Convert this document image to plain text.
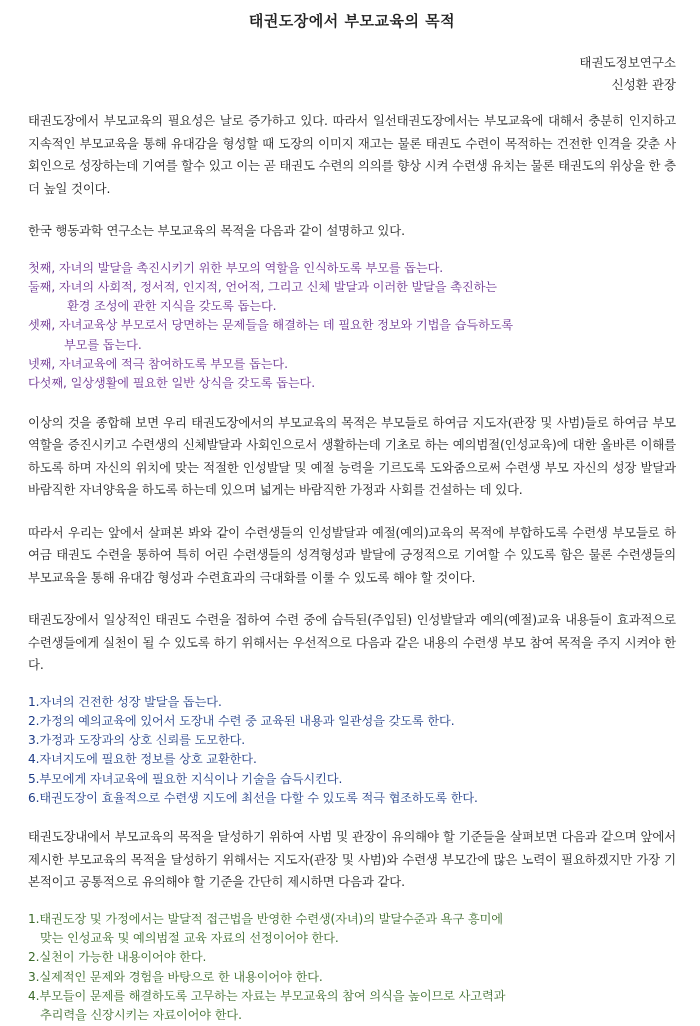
태권도장에서 부모교육의 목적
태권도정보연구소
신성환 관장

태권도장에서 부모교육의 필요성은 날로 증가하고 있다. 따라서 일선태권도장에서는 부모교육에 대해서 충분히 인지하고 지속적인 부모교육을 통해 유대감을 형성할 때 도장의 이미지 재고는 물론 태권도 수련이 목적하는 건전한 인격을 갖춘 사회인으로 성장하는데 기여를 할수 있고 이는 곧 태권도 수련의 의의를 향상 시켜 수련생 유치는 물론 태권도의 위상을 한 층 더 높일 것이다.

한국 행동과학 연구소는 부모교육의 목적을 다음과 같이 설명하고 있다.

첫째, 자녀의 발달을 촉진시키기 위한 부모의 역할을 인식하도록 부모를 돕는다.
둘째, 자녀의 사회적, 정서적, 인지적, 언어적, 그리고 신체 발달과 이러한 발달을 촉진하는
환경 조성에 관한 지식을 갖도록 돕는다.
셋째, 자녀교육상 부모로서 당면하는 문제들을 해결하는 데 필요한 정보와 기법을 습득하도록
부모를 돕는다.
넷째, 자녀교육에 적극 참여하도록 부모를 돕는다.
다섯째, 일상생활에 필요한 일반 상식을 갖도록 돕는다.

이상의 것을 종합해 보면 우리 태권도장에서의 부모교육의 목적은 부모들로 하여금 지도자(관장 및 사범)들로 하여금 부모 역할을 증진시키고 수련생의 신체발달과 사회인으로서 생활하는데 기초로 하는 예의범절(인성교육)에 대한 올바른 이해를 하도록 하며 자신의 위치에 맞는 적절한 인성발달 및 예절 능력을 기르도록 도와줌으로써 수련생 부모 자신의 성장 발달과 바람직한 자녀양육을 하도록 하는데 있으며 넓게는 바람직한 가정과 사회를 건설하는 데 있다.

따라서 우리는 앞에서 살펴본 봐와 같이 수련생들의 인성발달과 예절(예의)교육의 목적에 부합하도록 수련생 부모들로 하여금 태권도 수련을 통하여 특히 어린 수련생들의 성격형성과 발달에 긍정적으로 기여할 수 있도록 함은 물론 수련생들의 부모교육을 통해 유대감 형성과 수련효과의 극대화를 이룰 수 있도록 해야 할 것이다.

태권도장에서 일상적인 태권도 수련을 접하여 수련 중에 습득된(주입된) 인성발달과 예의(예절)교육 내용들이 효과적으로 수련생들에게 실천이 될 수 있도록 하기 위해서는 우선적으로 다음과 같은 내용의 수련생 부모 참여 목적을 주지 시켜야 한다.

1.자녀의 건전한 성장 발달을 돕는다.
2.가정의 예의교육에 있어서 도장내 수련 중 교육된 내용과 일관성을 갖도록 한다.
3.가정과 도장과의 상호 신뢰를 도모한다.
4.자녀지도에 필요한 정보를 상호 교환한다.
5.부모에게 자녀교육에 필요한 지식이나 기술을 습득시킨다.
6.태권도장이 효율적으로 수련생 지도에 최선을 다할 수 있도록 적극 협조하도록 한다.

태권도장내에서 부모교육의 목적을 달성하기 위하여 사범 및 관장이 유의해야 할 기준들을 살펴보면 다음과 같으며 앞에서 제시한 부모교육의 목적을 달성하기 위해서는 지도자(관장 및 사범)와 수련생 부모간에 많은 노력이 필요하겠지만 가장 기본적이고 공통적으로 유의해야 할 기준을 간단히 제시하면 다음과 같다.

1.태권도장 및 가정에서는 발달적 접근법을 반영한 수련생(자녀)의 발달수준과 욕구 흥미에
맞는 인성교육 및 예의범절 교육 자료의 선정이어야 한다.
2.실천이 가능한 내용이어야 한다.
3.실제적인 문제와 경험을 바탕으로 한 내용이어야 한다.
4.부모들이 문제를 해결하도록 고무하는 자료는 부모교육의 참여 의식을 높이므로 사고력과
추리력을 신장시키는 자료이어야 한다.
